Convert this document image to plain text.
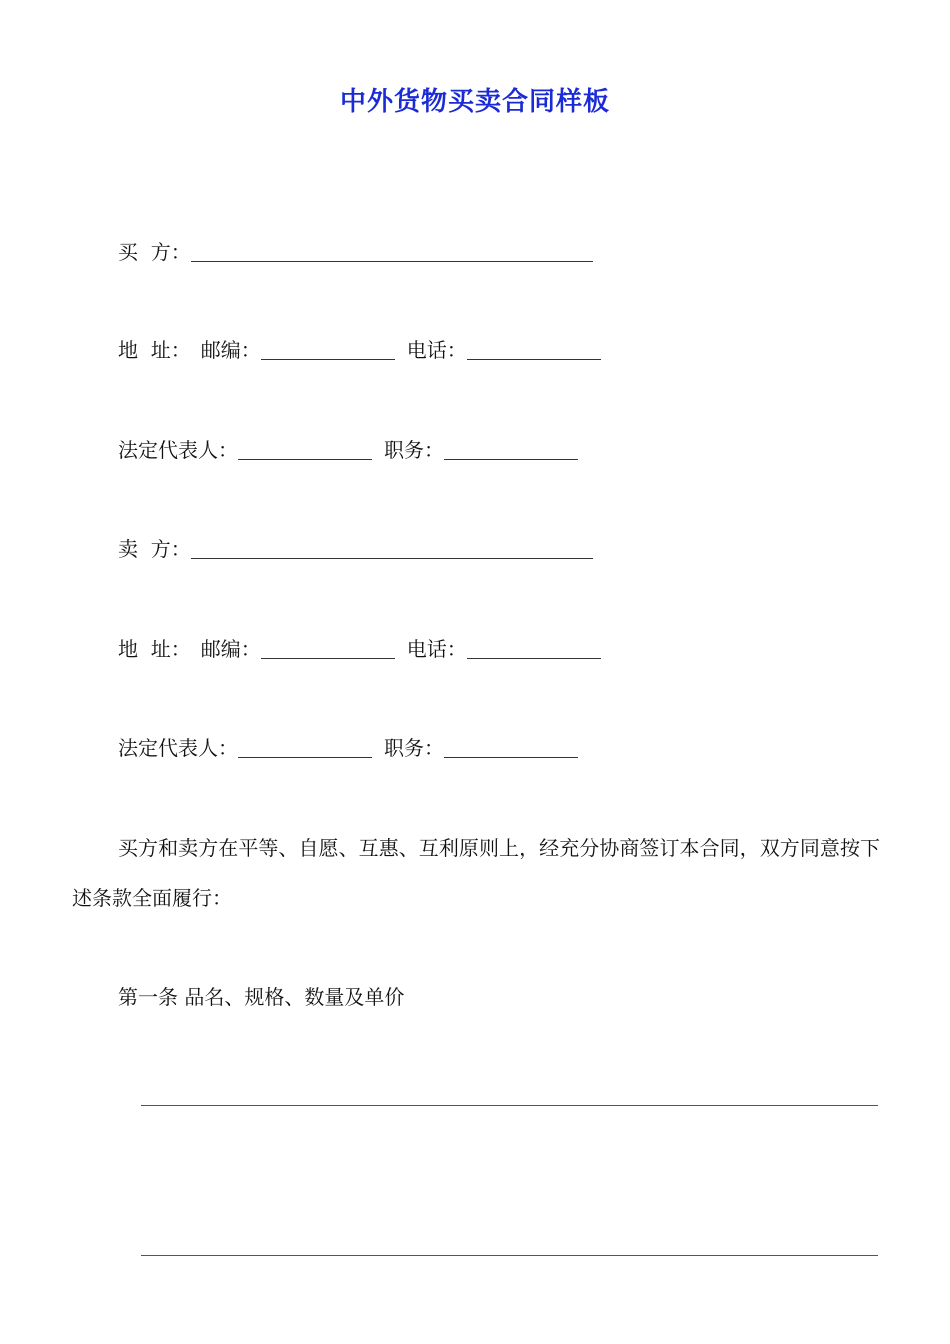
中外货物买卖合同样板
买  方：
地  址： 邮编：	电话：
法定代表人：	职务：
卖  方：
地  址： 邮编：	电话：
法定代表人：	职务：
买方和卖方在平等、自愿、互惠、互利原则上，经充分协商签订本合同，双方同意按下述条款全面履行：
第一条 品名、规格、数量及单价
